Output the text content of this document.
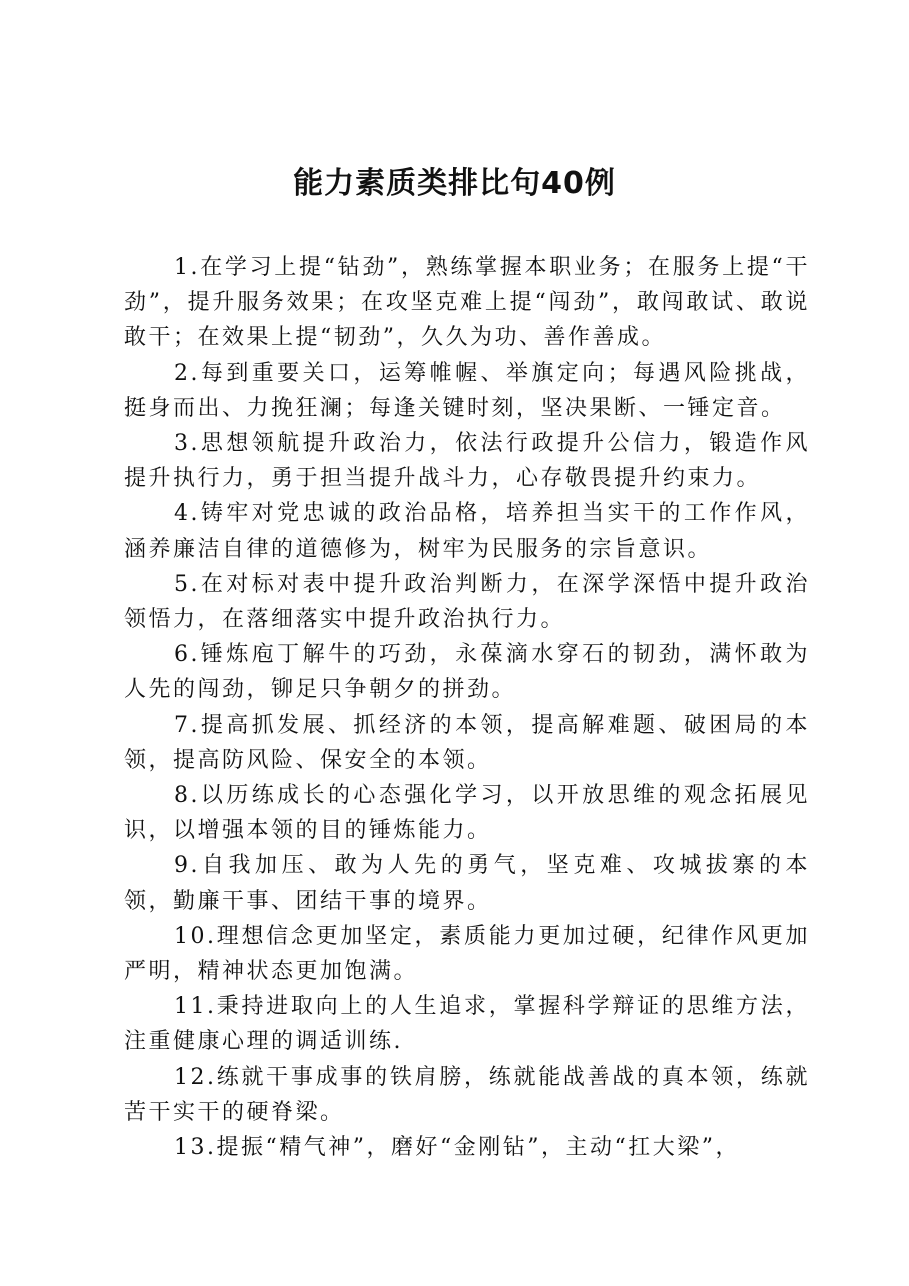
能力素质类排比句40例

1.在学习上提“钻劲”，熟练掌握本职业务；在服务上提“干劲”，提升服务效果；在攻坚克难上提“闯劲”，敢闯敢试、敢说敢干；在效果上提“韧劲”，久久为功、善作善成。

2.每到重要关口，运筹帷幄、举旗定向；每遇风险挑战，挺身而出、力挽狂澜；每逢关键时刻，坚决果断、一锤定音。

3.思想领航提升政治力，依法行政提升公信力，锻造作风提升执行力，勇于担当提升战斗力，心存敬畏提升约束力。

4.铸牢对党忠诚的政治品格，培养担当实干的工作作风，涵养廉洁自律的道德修为，树牢为民服务的宗旨意识。

5.在对标对表中提升政治判断力，在深学深悟中提升政治领悟力，在落细落实中提升政治执行力。

6.锤炼庖丁解牛的巧劲，永葆滴水穿石的韧劲，满怀敢为人先的闯劲，铆足只争朝夕的拼劲。

7.提高抓发展、抓经济的本领，提高解难题、破困局的本领，提高防风险、保安全的本领。

8.以历练成长的心态强化学习，以开放思维的观念拓展见识，以增强本领的目的锤炼能力。

9.自我加压、敢为人先的勇气，坚克难、攻城拔寨的本领，勤廉干事、团结干事的境界。

10.理想信念更加坚定，素质能力更加过硬，纪律作风更加严明，精神状态更加饱满。

11.秉持进取向上的人生追求，掌握科学辩证的思维方法，注重健康心理的调适训练.

12.练就干事成事的铁肩膀，练就能战善战的真本领，练就苦干实干的硬脊梁。

13.提振“精气神”，磨好“金刚钻”，主动“扛大梁”，
